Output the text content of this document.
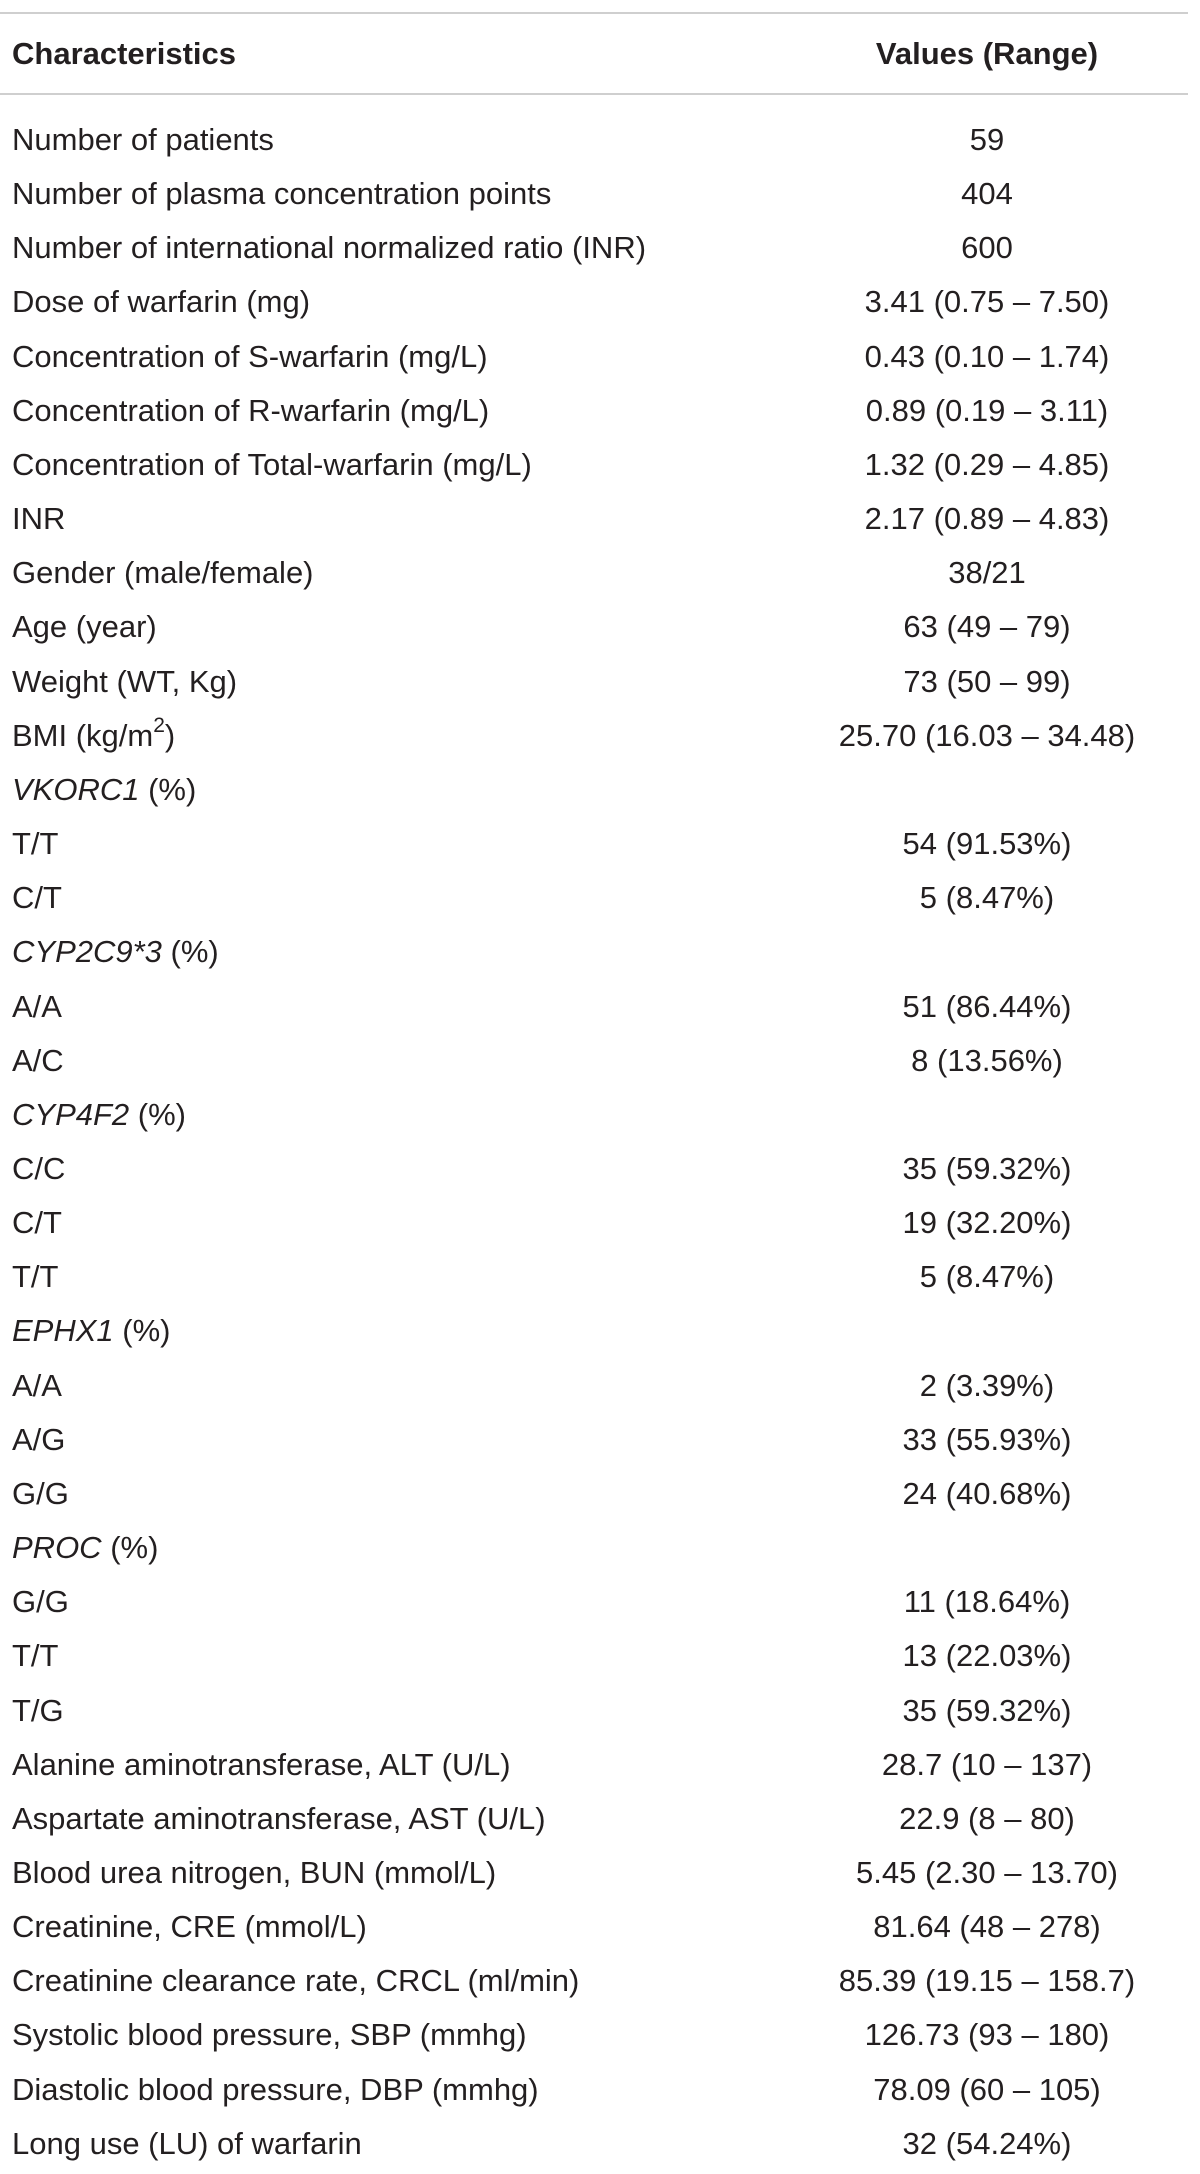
Characteristics	Values (Range)
Number of patients	59
Number of plasma concentration points	404
Number of international normalized ratio (INR)	600
Dose of warfarin (mg)	3.41 (0.75 – 7.50)
Concentration of S-warfarin (mg/L)	0.43 (0.10 – 1.74)
Concentration of R-warfarin (mg/L)	0.89 (0.19 – 3.11)
Concentration of Total-warfarin (mg/L)	1.32 (0.29 – 4.85)
INR	2.17 (0.89 – 4.83)
Gender (male/female)	38/21
Age (year)	63 (49 – 79)
Weight (WT, Kg)	73 (50 – 99)
BMI $(kg/m^2)$	25.70 (16.03 – 34.48)
VKORC1 (%)
T/T	54 (91.53%)
C/T	5 (8.47%)
CYP2C9*3 (%)
A/A	51 (86.44%)
A/C	8 (13.56%)
CYP4F2 (%)
C/C	35 (59.32%)
C/T	19 (32.20%)
T/T	5 (8.47%)
EPHX1 (%)
A/A	2 (3.39%)
A/G	33 (55.93%)
G/G	24 (40.68%)
PROC (%)
G/G	11 (18.64%)
T/T	13 (22.03%)
T/G	35 (59.32%)
Alanine aminotransferase, ALT (U/L)	28.7 (10 – 137)
Aspartate aminotransferase, AST (U/L)	22.9 (8 – 80)
Blood urea nitrogen, BUN (mmol/L)	5.45 (2.30 – 13.70)
Creatinine, CRE (mmol/L)	81.64 (48 – 278)
Creatinine clearance rate, CRCL (ml/min)	85.39 (19.15 – 158.7)
Systolic blood pressure, SBP (mmhg)	126.73 (93 – 180)
Diastolic blood pressure, DBP (mmhg)	78.09 (60 – 105)
Long use (LU) of warfarin	32 (54.24%)
